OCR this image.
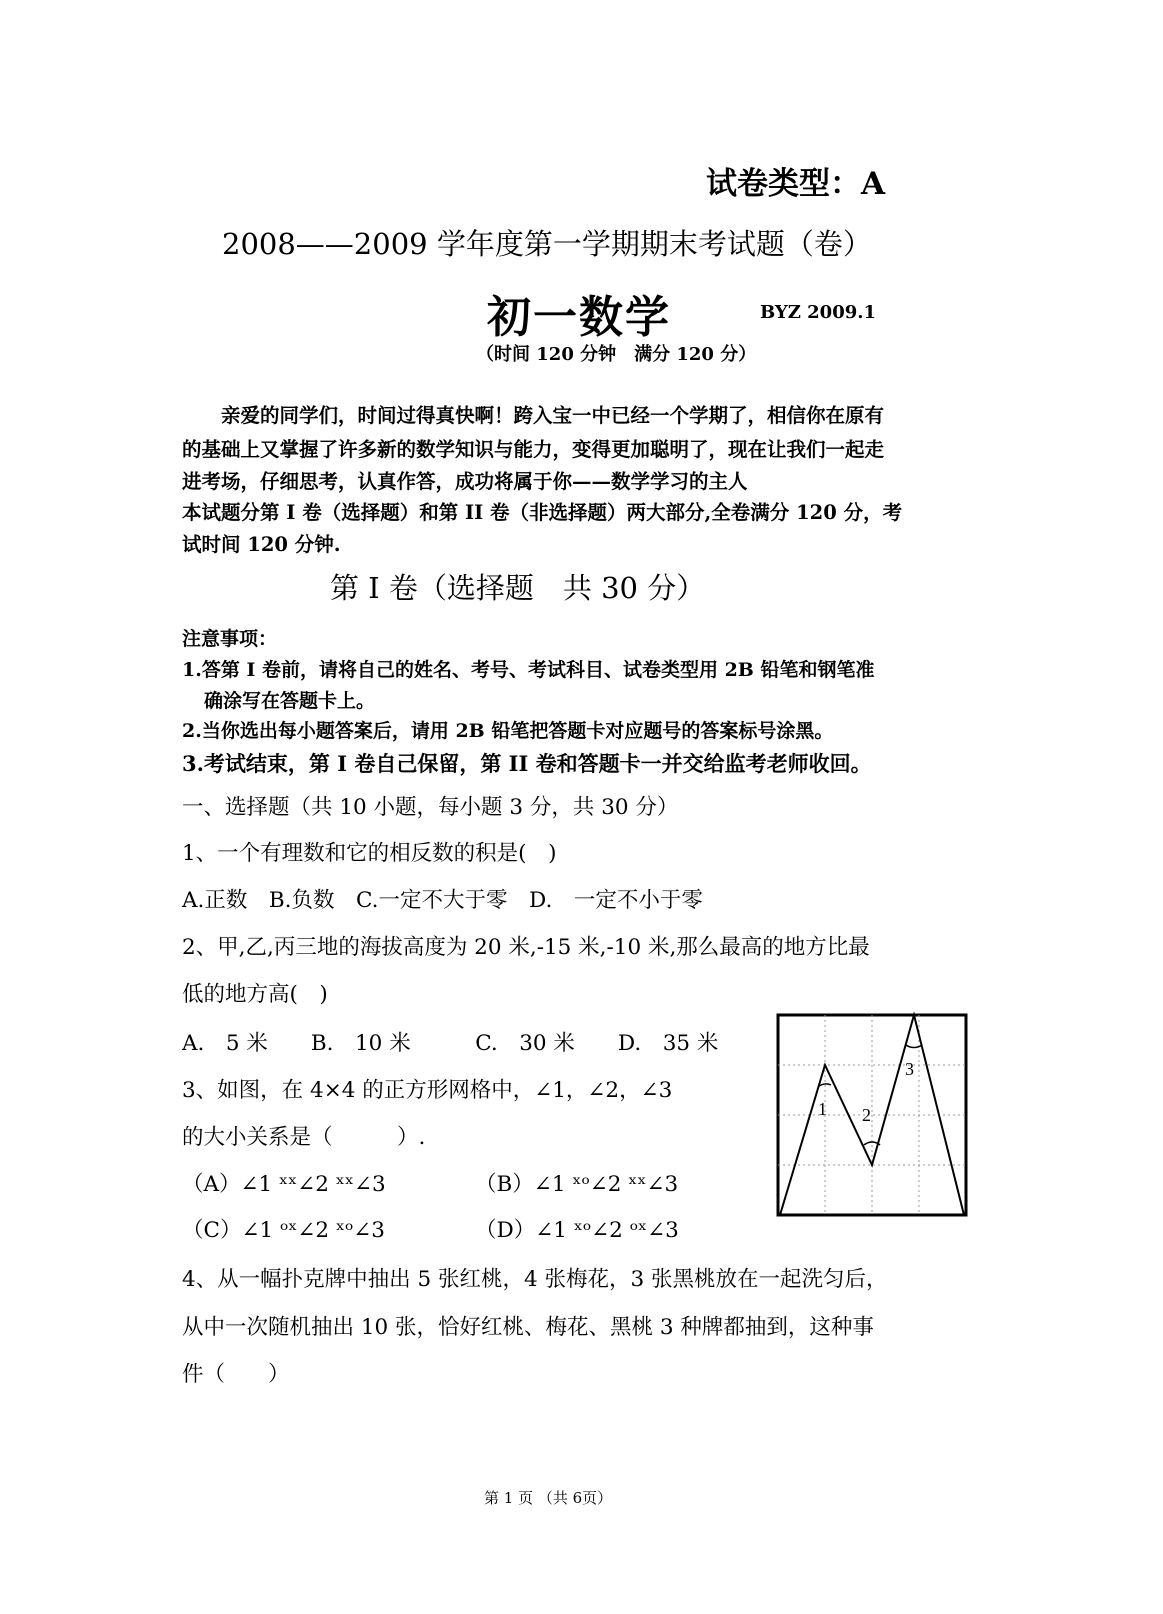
试卷类型：A
2008——2009 学年度第一学期期末考试题（卷）
初一数学	BYZ 2009.1
（时间 120 分钟　满分 120 分）
　　亲爱的同学们，时间过得真快啊！跨入宝一中已经一个学期了，相信你在原有
的基础上又掌握了许多新的数学知识与能力，变得更加聪明了，现在让我们一起走
进考场，仔细思考，认真作答，成功将属于你——数学学习的主人
本试题分第 I 卷（选择题）和第 II 卷（非选择题）两大部分,全卷满分 120 分，考
试时间 120 分钟.
第 I 卷（选择题　共 30 分）
注意事项：
1.答第 I 卷前，请将自己的姓名、考号、考试科目、试卷类型用 2B 铅笔和钢笔准
确涂写在答题卡上。
2.当你选出每小题答案后，请用 2B 铅笔把答题卡对应题号的答案标号涂黑。
3.考试结束，第 I 卷自己保留，第 II 卷和答题卡一并交给监考老师收回。
一、选择题（共 10 小题，每小题 3 分，共 30 分）
1、一个有理数和它的相反数的积是(　)
A.正数　B.负数　C.一定不大于零　D.　一定不小于零
2、甲,乙,丙三地的海拔高度为 20 米,-15 米,-10 米,那么最高的地方比最
低的地方高(　)
A.　5 米　　B.　10 米　　　C.　30 米　　D.　35 米
3、如图，在 4×4 的正方形网格中，∠1，∠2，∠3
的大小关系是（　　　）.
（A）∠1 ˣˣ∠2 ˣˣ∠3	（B）∠1 ˣᵒ∠2 ˣˣ∠3
（C）∠1 ᵒˣ∠2 ˣᵒ∠3	（D）∠1 ˣᵒ∠2 ᵒˣ∠3
1 2
3
4、从一幅扑克牌中抽出 5 张红桃，4 张梅花，3 张黑桃放在一起洗匀后，
从中一次随机抽出 10 张，恰好红桃、梅花、黑桃 3 种牌都抽到，这种事
件（　　）
第 1 页 （共 6页）
